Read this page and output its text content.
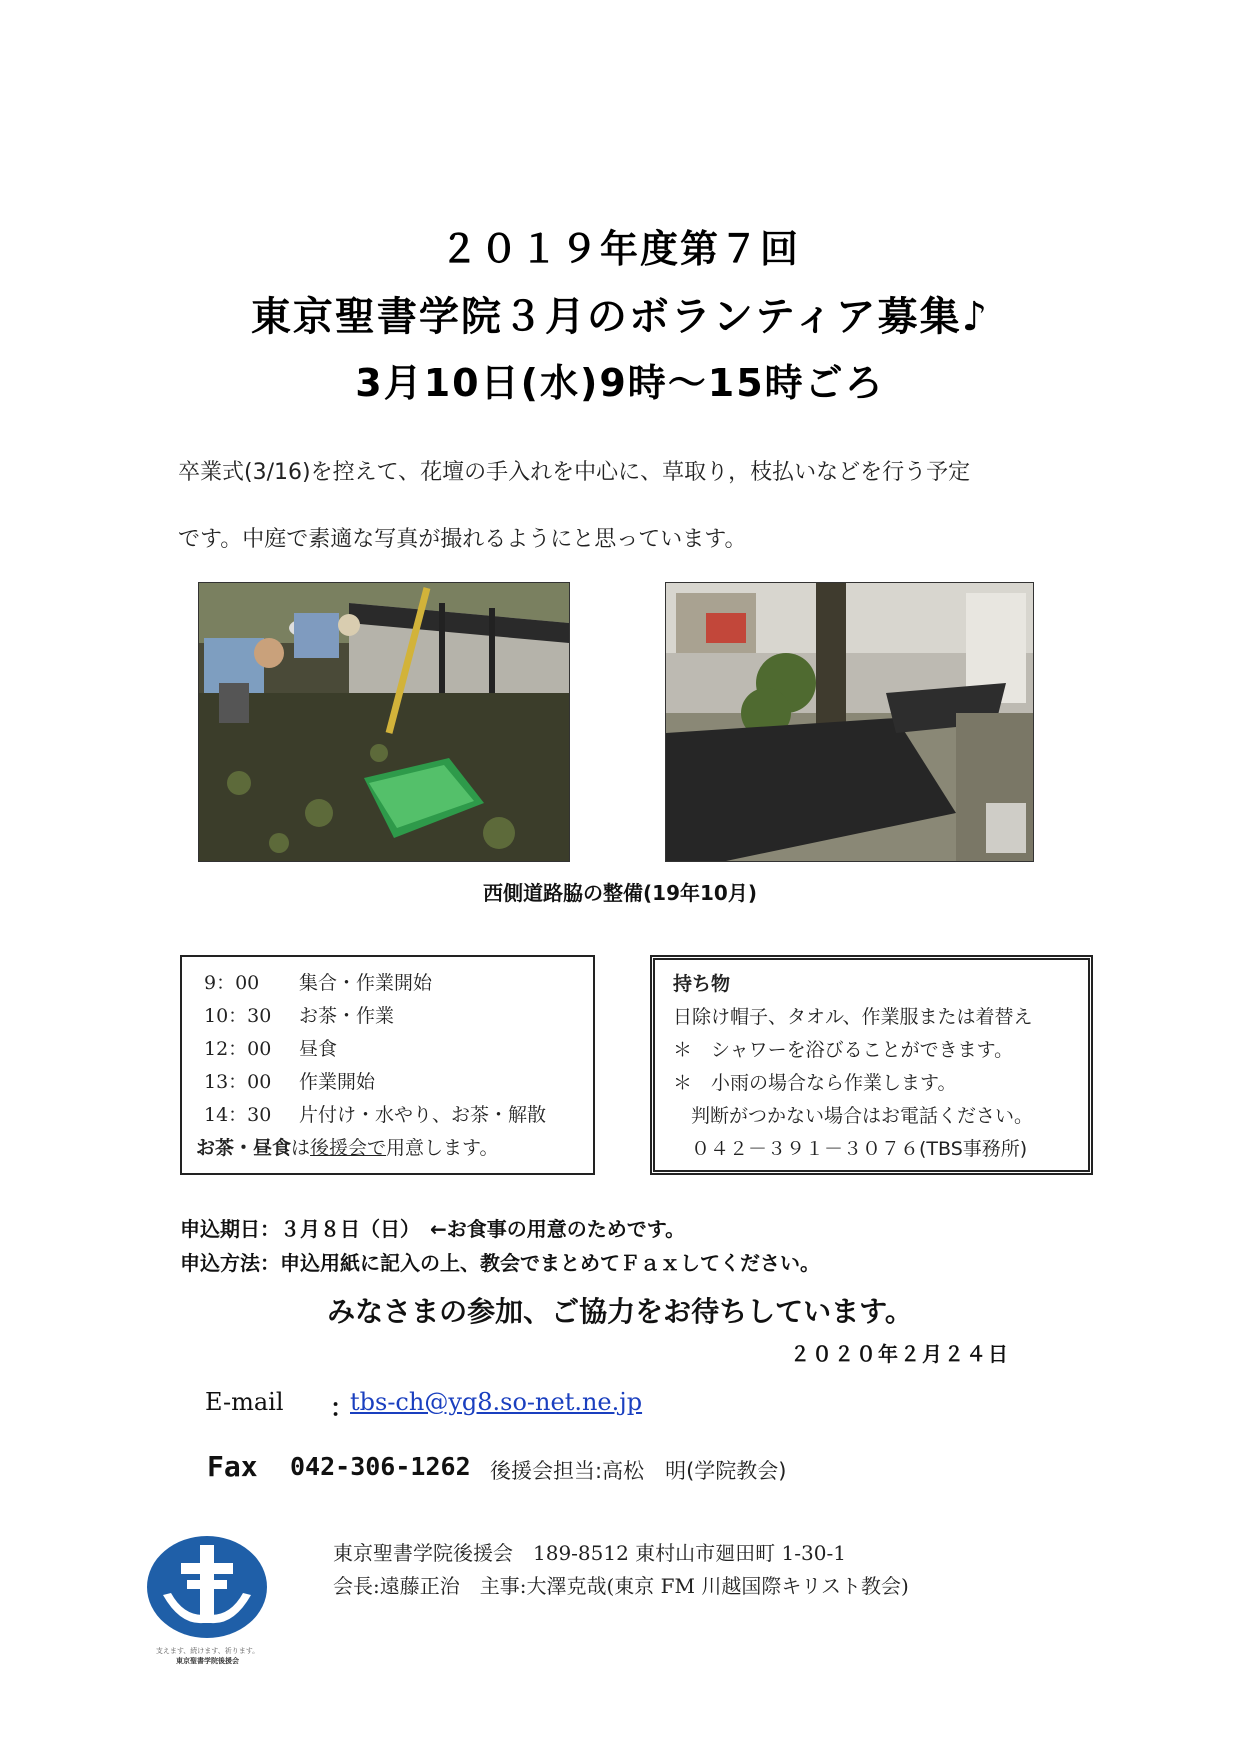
２０１９年度第７回
東京聖書学院３月のボランティア募集♪
3月10日(水)9時～15時ごろ
卒業式(3/16)を控えて、花壇の手入れを中心に、草取り，枝払いなどを行う予定
です。中庭で素適な写真が撮れるようにと思っています。
西側道路脇の整備(19年10月)
9：00	集合・作業開始
10：30	お茶・作業
12：00	昼食
13：00	作業開始
14：30	片付け・水やり、お茶・解散
お茶・昼食 は 後援会で 用意します。
持ち物
日除け帽子、タオル、作業服または着替え
＊　シャワーを浴びることができます。
＊　小雨の場合なら作業します。
判断がつかない場合はお電話ください。
０４２－３９１－３０７６(TBS事務所)
申込期日：３月８日（日）　←お食事の用意のためです。
申込方法：申込用紙に記入の上、教会でまとめてＦａｘしてください。
みなさまの参加、ご協力をお待ちしています。
２０２０年２月２４日
E-mail ：
tbs-ch@yg8.so-net.ne.jp
Fax 042-306-1262 後援会担当:高松　明(学院教会)
支えます、続けます、祈ります。
東京聖書学院後援会
東京聖書学院後援会　189-8512 東村山市廻田町 1-30-1
会長:遠藤正治　主事:大澤克哉(東京 FM 川越国際キリスト教会)
